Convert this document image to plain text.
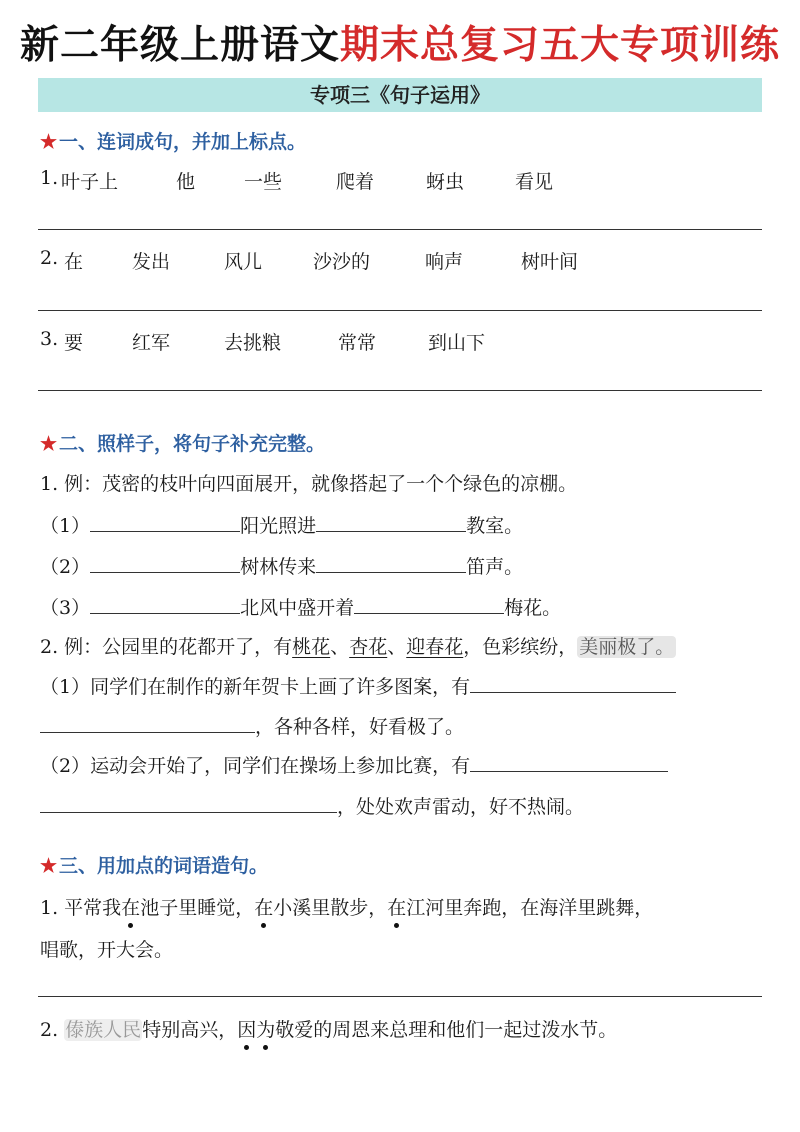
新二年级上册语文期末总复习五大专项训练
专项三《句子运用》
★ 一、连词成句，并加上标点。
1. 叶子上	他	一些	爬着	蚜虫	看见
2. 在	发出	风儿	沙沙的	响声	树叶间
3. 要	红军	去挑粮	常常	到山下
★ 二、照样子，将句子补充完整。
1. 例：茂密的枝叶向四面展开，就像搭起了一个个绿色的凉棚。
（1）	阳光照进	教室。
（2）	树林传来	笛声。
（3）	北风中盛开着	梅花。
2. 例：公园里的花都开了，有桃花、杏花、迎春花，色彩缤纷， 美丽极了。
（1）同学们在制作的新年贺卡上画了许多图案，有
，各种各样，好看极了。
（2）运动会开始了，同学们在操场上参加比赛，有
，处处欢声雷动，好不热闹。
★ 三、用加点的词语造句。
1. 平常我在池子里睡觉，在小溪里散步，在江河里奔跑，在海洋里跳舞，
唱歌，开大会。
2. 傣族人民特别高兴，因为敬爱的周恩来总理和他们一起过泼水节。
